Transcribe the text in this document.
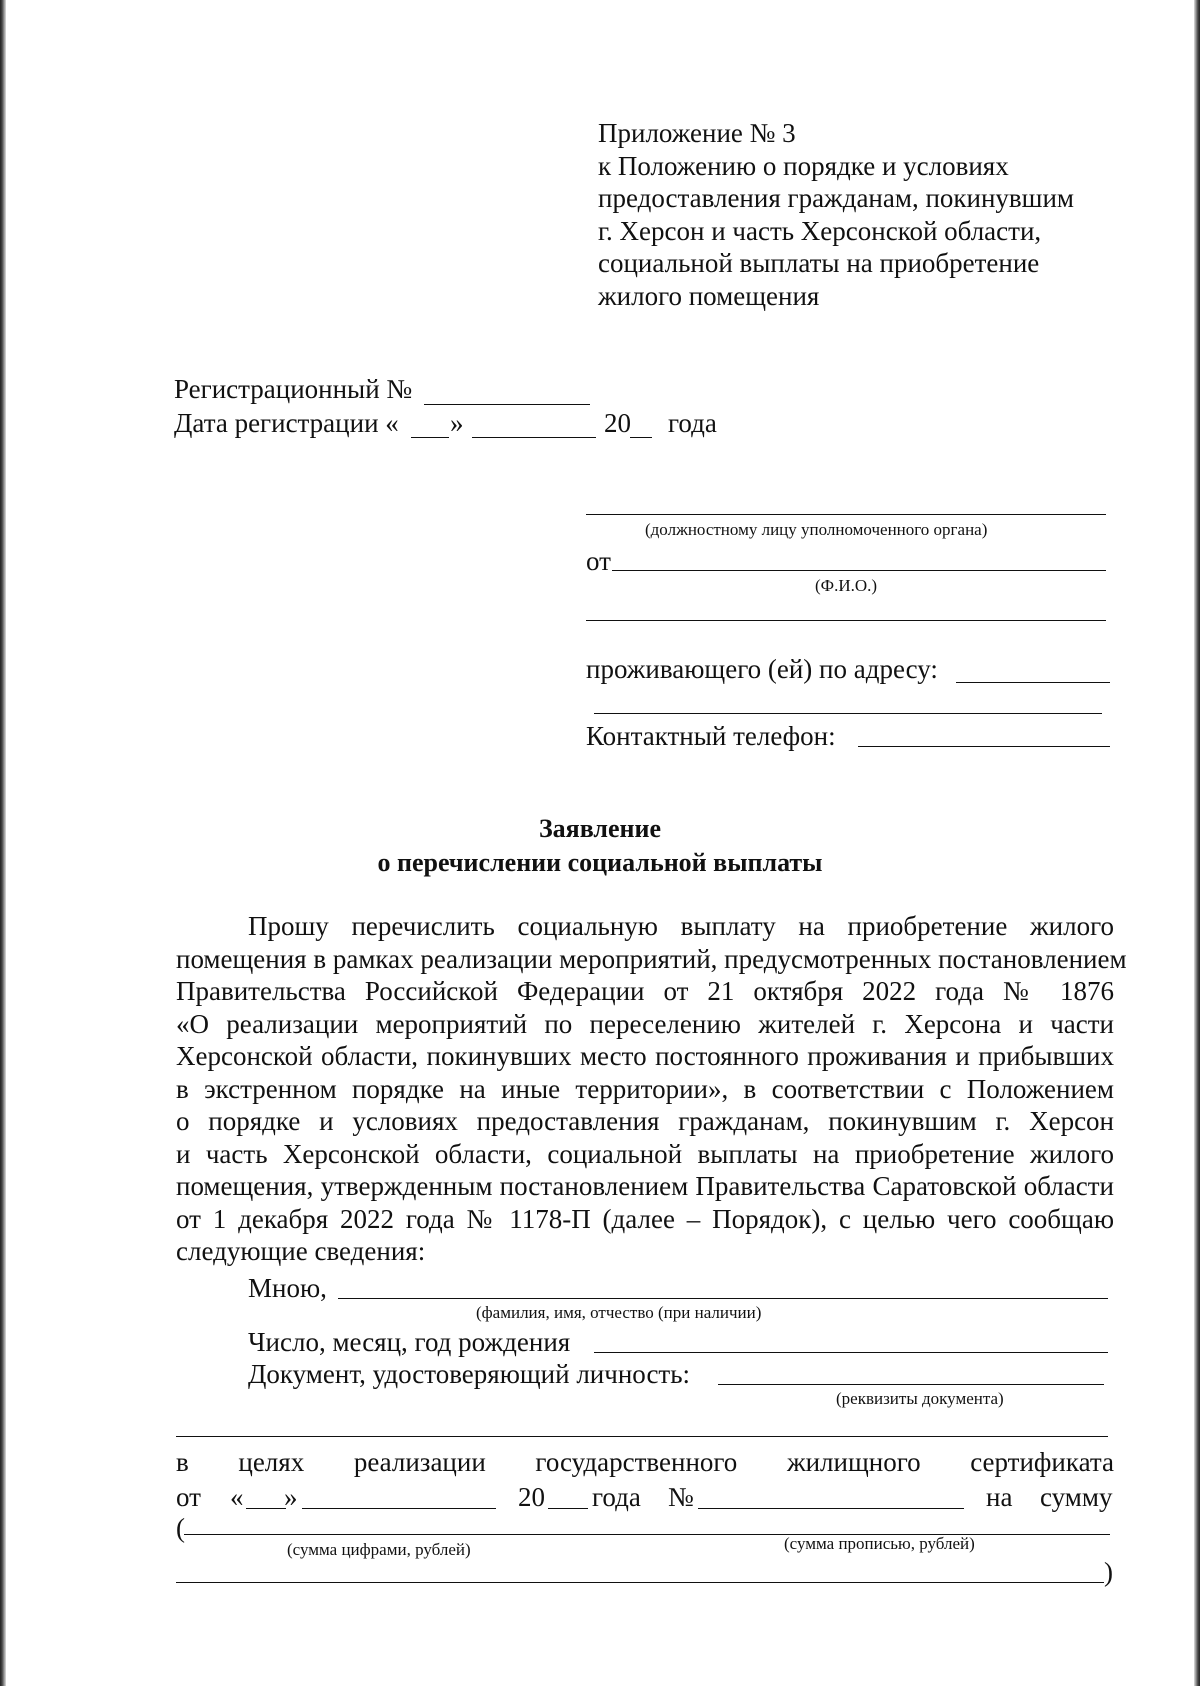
Приложение № 3
к Положению о порядке и условиях
предоставления гражданам, покинувшим
г. Херсон и часть Херсонской области,
социальной выплаты на приобретение
жилого помещения
Регистрационный №
Дата регистрации « »	20 года
(должностному лицу уполномоченного органа)
от
(Ф.И.О.)
проживающего (ей) по адресу:
Контактный телефон:
Заявление
о перечислении социальной выплаты
Прошу перечислить социальную выплату на приобретение жилого
помещения в рамках реализации мероприятий, предусмотренных постановлением
Правительства Российской Федерации от 21 октября 2022 года № 1876
«О реализации мероприятий по переселению жителей г. Херсона и части
Херсонской области, покинувших место постоянного проживания и прибывших
в экстренном порядке на иные территории», в соответствии с Положением
о порядке и условиях предоставления гражданам, покинувшим г. Херсон
и часть Херсонской области, социальной выплаты на приобретение жилого
помещения, утвержденным постановлением Правительства Саратовской области
от 1 декабря 2022 года № 1178-П (далее – Порядок), с целью чего сообщаю
следующие сведения:
Мною,
(фамилия, имя, отчество (при наличии)
Число, месяц, год рождения
Документ, удостоверяющий личность:
(реквизиты документа)
в целях реализации государственного жилищного сертификата
от « »	20 года №	на сумму
(
(сумма цифрами, рублей)	(сумма прописью, рублей)
)
